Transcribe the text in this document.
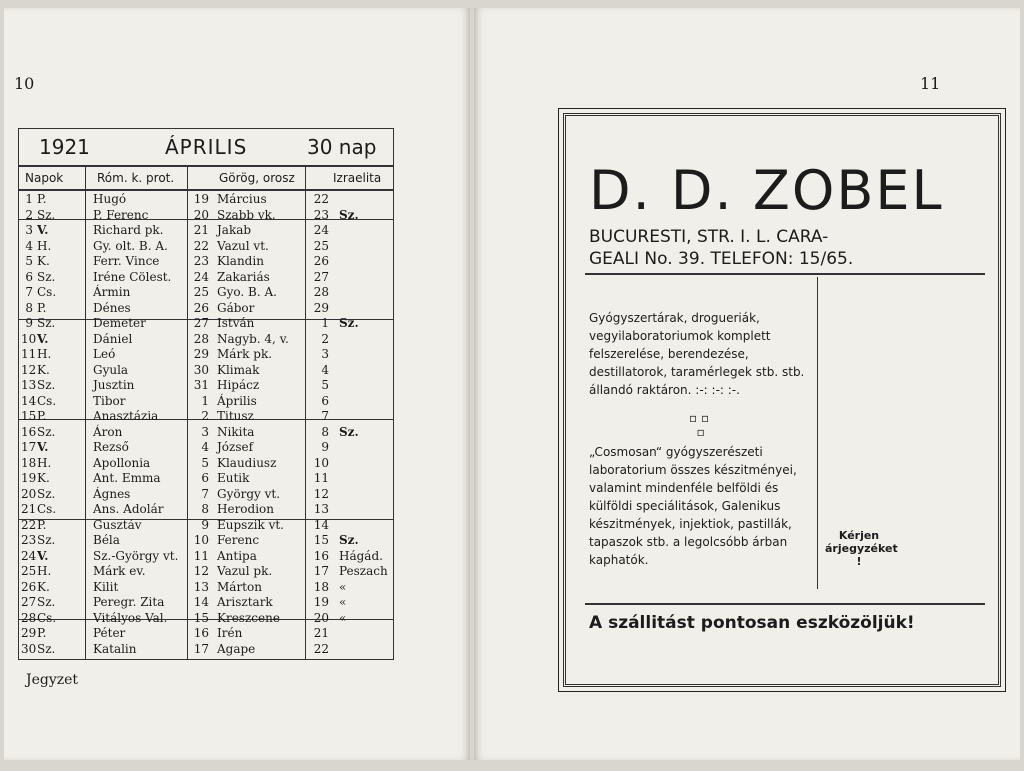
10
1921	ÁPRILIS	30 nap
Napok	Róm. k. prot.	Görög, orosz	Izraelita
1 P.	Hugó	19 Március	22
2 Sz.	P. Ferenc	20 Szabb vk.	23 Sz.
3 V.	Richard pk.	21 Jakab	24
4 H.	Gy. olt. B. A.	22 Vazul vt.	25
5 K.	Ferr. Vince	23 Klandin	26
6 Sz.	Iréne Cölest.	24 Zakariás	27
7 Cs.	Ármin	25 Gyo. B. A.	28
8 P.	Dénes	26 Gábor	29
9 Sz.	Demeter	27 István	1 Sz.
10 V.	Dániel	28 Nagyb. 4, v.	2
11 H.	Leó	29 Márk pk.	3
12 K.	Gyula	30 Klimak	4
13 Sz.	Jusztin	31 Hipácz	5
14 Cs.	Tibor	1 Április	6
15 P.	Anasztázia	2 Titusz	7
16 Sz.	Áron	3 Nikita	8 Sz.
17 V.	Rezső	4 József	9
18 H.	Apollonia	5 Klaudiusz	10
19 K.	Ant. Emma	6 Eutik	11
20 Sz.	Ágnes	7 György vt.	12
21 Cs.	Ans. Adolár	8 Herodion	13
22 P.	Gusztáv	9 Eupszik vt. 14
23 Sz.	Béla	10 Ferenc	15 Sz.
24 V.	Sz.-György vt.	11 Antipa	16 Hágád.
25 H.	Márk ev.	12 Vazul pk.	17 Peszach
26 K.	Kilit	13 Márton	18 «
27 Sz.	Peregr. Zita	14 Arisztark	19 «
28 Cs.	Vitályos Val.	15 Kreszcene	20 «
29 P.	Péter	16 Irén	21
30 Sz.	Katalin	17 Agape	22
Jegyzet
11
D. D. ZOBEL
BUCURESTI, STR. I. L. CARA-
GEALI No. 39. TELEFON: 15/65.
Gyógyszertárak, drogueriák, vegyilaboratoriumok komplett felszerelése, berendezése, destillatorok, taramérlegek stb. stb. állandó raktáron. :-: :-: :-.
▫ ▫
▫
„Cosmosan“ gyógyszerészeti laboratorium összes készitményei, valamint mindenféle belföldi és külföldi speciálitások, Galenikus készitmények, injektiok, pastillák, tapaszok stb. a legolcsóbb árban kaphatók.
Kérjen árjegyzéket !
A szállitást pontosan eszközöljük!
